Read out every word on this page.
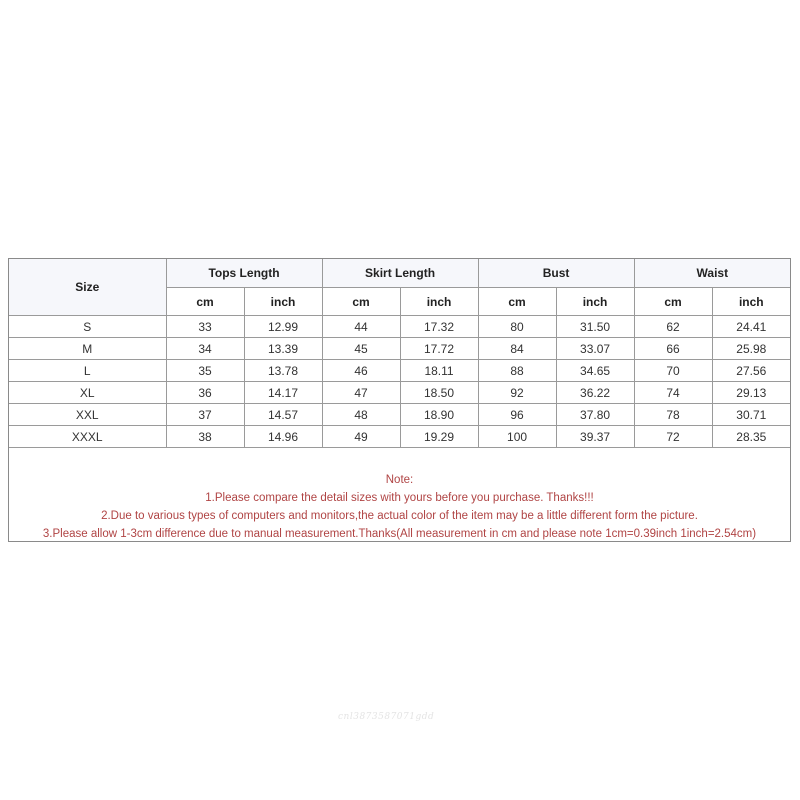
Size	Tops Length		Skirt Length		Bust		Waist	
	cm	inch	cm	inch	cm	inch	cm	inch
S	33	12.99	44	17.32	80	31.50	62	24.41
M	34	13.39	45	17.72	84	33.07	66	25.98
L	35	13.78	46	18.11	88	34.65	70	27.56
XL	36	14.17	47	18.50	92	36.22	74	29.13
XXL	37	14.57	48	18.90	96	37.80	78	30.71
XXXL	38	14.96	49	19.29	100	39.37	72	28.35
Note:
1.Please compare the detail sizes with yours before you purchase. Thanks!!!
2.Due to various types of computers and monitors,the actual color of the item may be a little different form the picture.
3.Please allow 1-3cm difference due to manual measurement.Thanks(All measurement in cm and please note 1cm=0.39inch 1inch=2.54cm)
cnl3873587071gdd
